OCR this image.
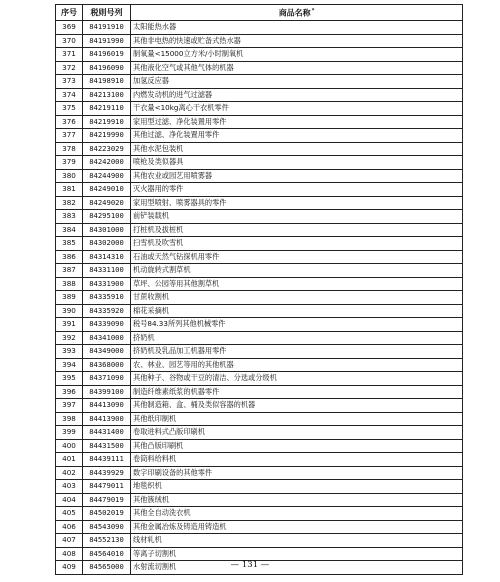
序号	税则号列	商品名称*
369	84191910	太阳能热水器
370	84191990	其他非电热的快速或贮备式热水器
371	84196019	制氧量<15000立方米/小时制氧机
372	84196090	其他液化空气或其他气体的机器
373	84198910	加氢反应器
374	84213100	内燃发动机的进气过滤器
375	84219110	干衣量<10kg离心干衣机零件
376	84219910	家用型过滤、净化装置用零件
377	84219990	其他过滤、净化装置用零件
378	84223029	其他水泥包装机
379	84242000	喷枪及类似器具
380	84244900	其他农业或园艺用喷雾器
381	84249010	灭火器用的零件
382	84249020	家用型喷射、喷雾器具的零件
383	84295100	前铲装载机
384	84301000	打桩机及拔桩机
385	84302000	扫雪机及吹雪机
386	84314310	石油或天然气钻探机用零件
387	84331100	机动旋转式割草机
388	84331900	草坪、公园等用其他割草机
389	84335910	甘蔗收割机
390	84335920	棉花采摘机
391	84339090	税号84.33所列其他机械零件
392	84341000	挤奶机
393	84349000	挤奶机及乳品加工机器用零件
394	84368000	农、林业、园艺等用的其他机器
395	84371090	其他种子、谷物或干豆的清洁、分选或分级机
396	84399100	制造纤维素纸浆的机器零件
397	84413090	其他制造箱、盒、桶及类似容器的机器
398	84413900	其他纸印制机
399	84431400	卷取进料式凸版印刷机
400	84431500	其他凸版印刷机
401	84439111	卷筒料给料机
402	84439929	数字印刷设备的其他零件
403	84479011	地毯织机
404	84479019	其他簇绒机
405	84502019	其他全自动洗衣机
406	84543090	其他金属冶炼及铸造用铸造机
407	84552130	线材轧机
408	84564010	等离子切割机
409	84565000	水射流切割机	— 131 —
